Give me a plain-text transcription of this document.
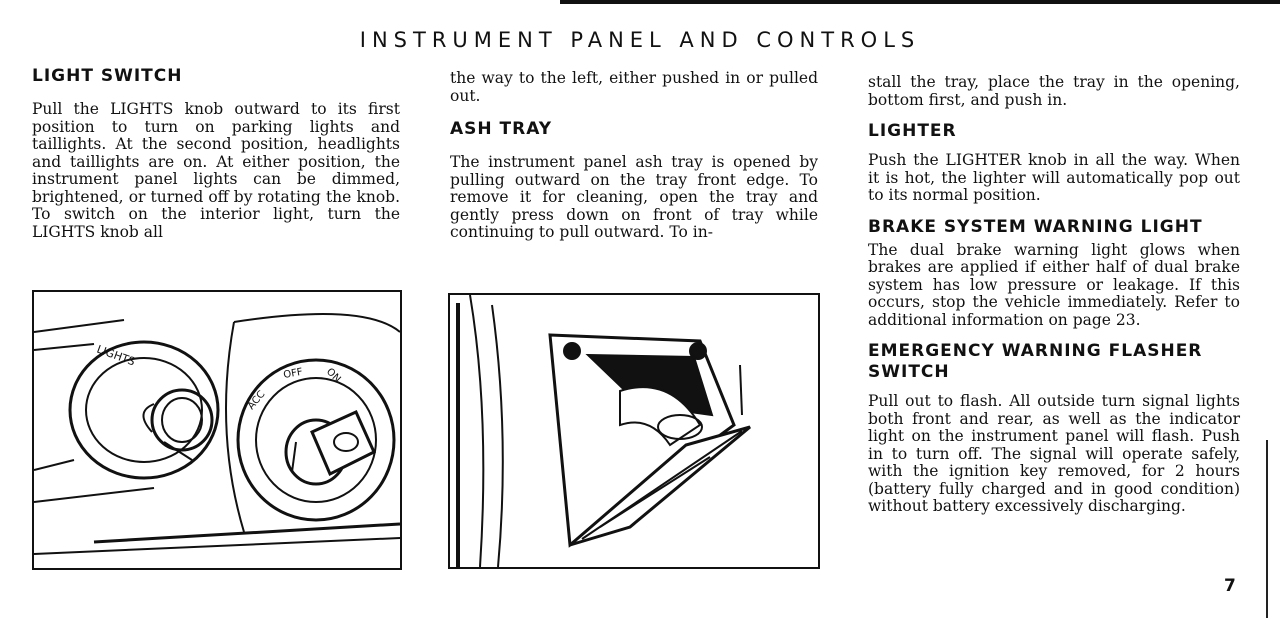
INSTRUMENT PANEL AND CONTROLS
LIGHT SWITCH

Pull the LIGHTS knob outward to its first position to turn on parking lights and taillights. At the second position, headlights and taillights are on. At either position, the instrument panel lights can be dimmed, brightened, or turned off by rotating the knob. To switch on the interior light, turn the LIGHTS knob all

the way to the left, either pushed in or pulled out.

ASH TRAY

The instrument panel ash tray is opened by pulling outward on the tray front edge. To remove it for cleaning, open the tray and gently press down on front of tray while continuing to pull outward. To in-

stall the tray, place the tray in the opening, bottom first, and push in.

LIGHTER

Push the LIGHTER knob in all the way. When it is hot, the lighter will automatically pop out to its normal position.

BRAKE SYSTEM WARNING LIGHT

The dual brake warning light glows when brakes are applied if either half of dual brake system has low pressure or leakage. If this occurs, stop the vehicle immediately. Refer to additional information on page 23.

EMERGENCY WARNING FLASHER SWITCH

Pull out to flash. All outside turn signal lights both front and rear, as well as the indicator light on the instrument panel will flash. Push in to turn off. The signal will operate safely, with the ignition key removed, for 2 hours (battery fully charged and in good condition) without battery excessively discharging.

LIGHTS
ACC
OFF ON
7
